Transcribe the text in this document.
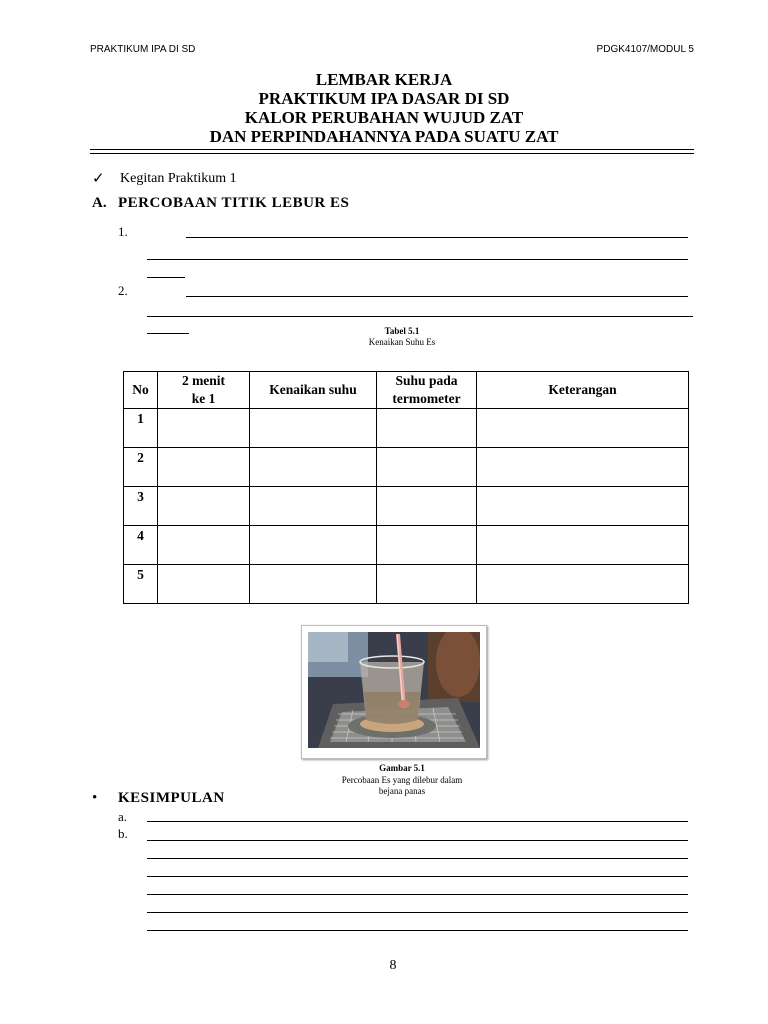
PRAKTIKUM IPA DI SD	PDGK4107/MODUL 5
LEMBAR KERJA
PRAKTIKUM IPA DASAR DI SD
KALOR PERUBAHAN WUJUD ZAT
DAN PERPINDAHANNYA PADA SUATU ZAT
✓ Kegitan Praktikum 1
A. PERCOBAAN TITIK LEBUR ES
1.
2.
Tabel 5.1
Kenaikan Suhu Es
No	2 menit ke 1	Kenaikan suhu	Suhu pada termometer	Keterangan
1				
2				
3				
4				
5				
Gambar 5.1
Percobaan Es yang dilebur dalam
bejana panas
• KESIMPULAN
a.
b.
8
